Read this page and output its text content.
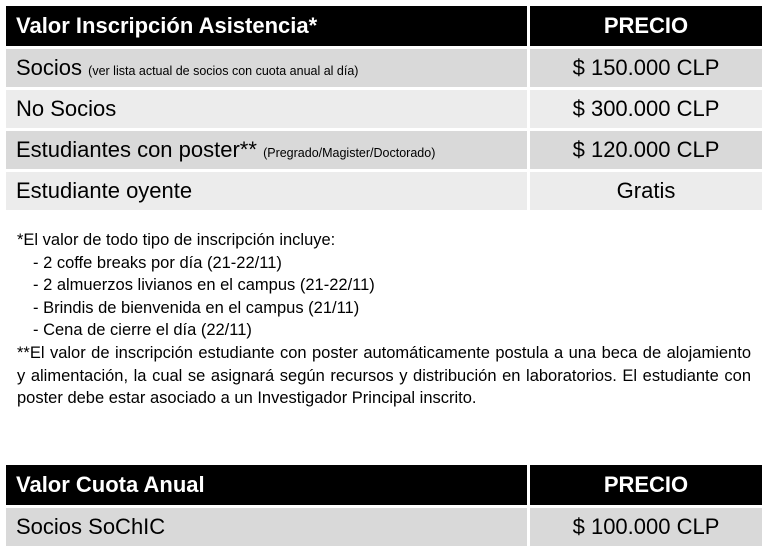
Valor Inscripción Asistencia*	PRECIO
Socios (ver lista actual de socios con cuota anual al día)	$ 150.000 CLP
No Socios	$ 300.000 CLP
Estudiantes con poster** (Pregrado/Magister/Doctorado)	$ 120.000 CLP
Estudiante oyente	Gratis

*El valor de todo tipo de inscripción incluye:

- 2 coffe breaks por día (21-22/11)
- 2 almuerzos livianos en el campus (21-22/11)
- Brindis de bienvenida en el campus (21/11)
- Cena de cierre el día (22/11)

**El valor de inscripción estudiante con poster automáticamente postula a una beca de alojamiento y alimentación, la cual se asignará según recursos y distribución en laboratorios. El estudiante con poster debe estar asociado a un Investigador Principal inscrito.

Valor Cuota Anual	PRECIO
Socios SoChIC	$ 100.000 CLP
